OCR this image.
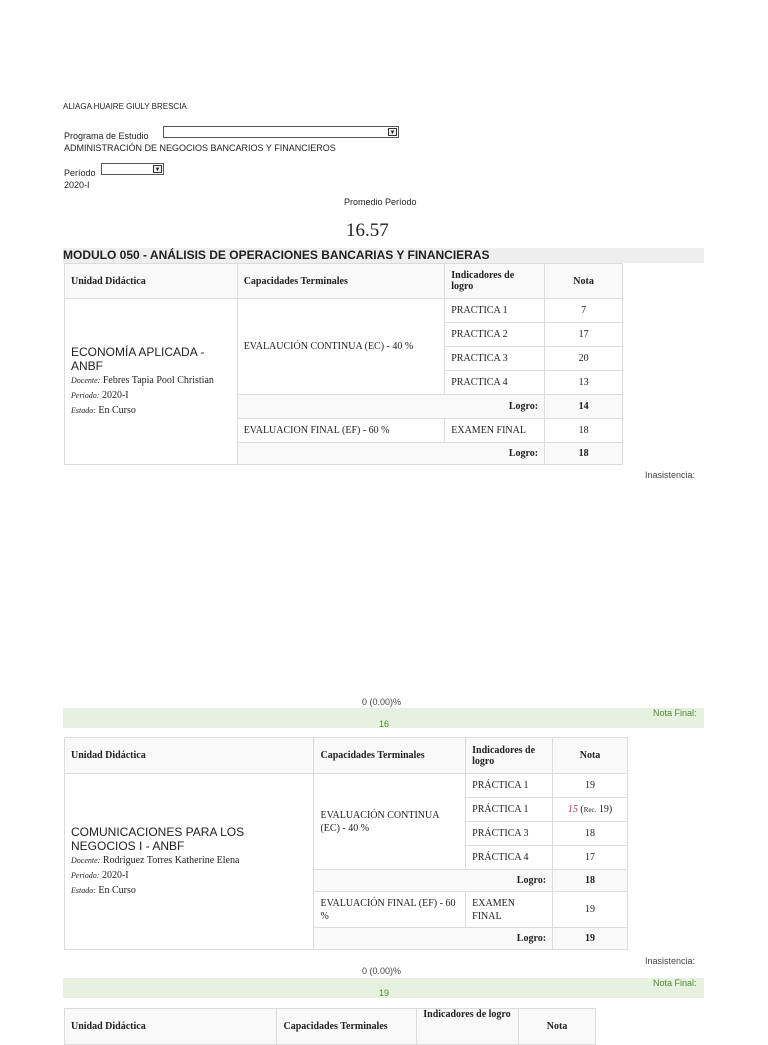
ALIAGA HUAIRE GIULY BRESCIA
Programa de Estudio	▼
ADMINISTRACIÓN DE NEGOCIOS BANCARIOS Y FINANCIEROS
Período	▼
2020-I
Promedio Período
16.57
MODULO 050 - ANÁLISIS DE OPERACIONES BANCARIAS Y FINANCIERAS
Unidad Didáctica	Capacidades Terminales	Indicadores de logro	Nota

ECONOMÍA APLICADA - ANBF
Docente: Febres Tapia Pool Christian
Periodo: 2020-I
Estado: En Curso	EVALAUCIÓN CONTINUA (EC) - 40 %	PRACTICA 1	7
		PRACTICA 2	17
		PRACTICA 3	20
		PRACTICA 4	13
	Logro:		14
	EVALUACION FINAL (EF) - 60 %	EXAMEN FINAL	18
	Logro:		18
Inasistencia:
0 (0.00)%
Nota Final:
16
Unidad Didáctica	Capacidades Terminales	Indicadores de logro	Nota

COMUNICACIONES PARA LOS NEGOCIOS I - ANBF
Docente: Rodriguez Torres Katherine Elena
Periodo: 2020-I
Estado: En Curso	EVALUACIÓN CONTINUA (EC) - 40 %	PRÁCTICA 1	19
		PRÁCTICA 1	15 (Rec. 19)
		PRÁCTICA 3	18
		PRÁCTICA 4	17
	Logro:		18
	EVALUACIÓN FINAL (EF) - 60 %	EXAMEN FINAL	19
	Logro:		19
Inasistencia:
0 (0.00)%
Nota Final:
19
Unidad Didáctica	Capacidades Terminales	Indicadores de logro	Nota
